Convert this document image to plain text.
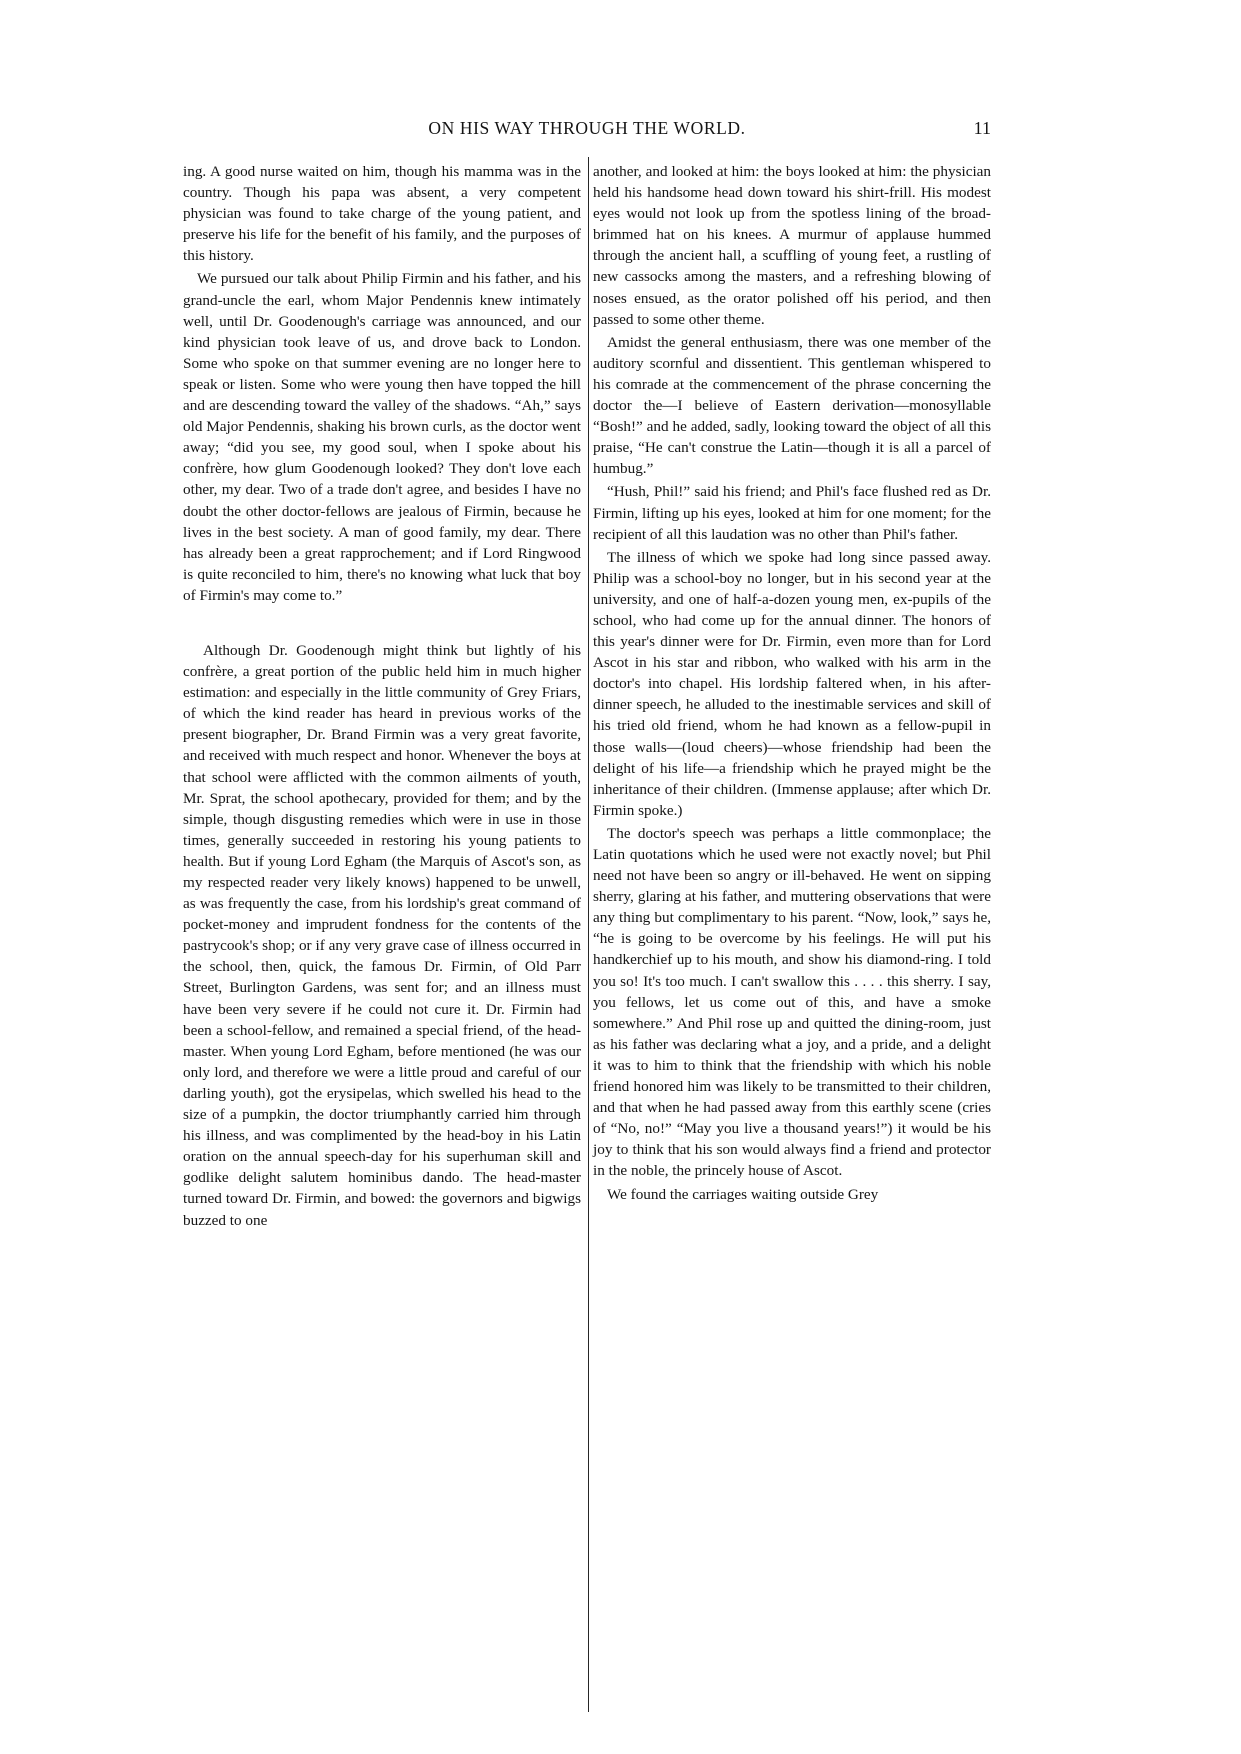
ON HIS WAY THROUGH THE WORLD.	11

ing. A good nurse waited on him, though his mamma was in the country. Though his papa was absent, a very competent physician was found to take charge of the young patient, and preserve his life for the benefit of his family, and the purposes of this history.

We pursued our talk about Philip Firmin and his father, and his grand-uncle the earl, whom Major Pendennis knew intimately well, until Dr. Goodenough's carriage was announced, and our kind physician took leave of us, and drove back to London. Some who spoke on that summer evening are no longer here to speak or listen. Some who were young then have topped the hill and are descending toward the valley of the shadows. “Ah,” says old Major Pendennis, shaking his brown curls, as the doctor went away; “did you see, my good soul, when I spoke about his confrère, how glum Goodenough looked? They don't love each other, my dear. Two of a trade don't agree, and besides I have no doubt the other doctor-fellows are jealous of Firmin, because he lives in the best society. A man of good family, my dear. There has already been a great rapprochement; and if Lord Ringwood is quite reconciled to him, there's no knowing what luck that boy of Firmin's may come to.”

Although Dr. Goodenough might think but lightly of his confrère, a great portion of the public held him in much higher estimation: and especially in the little community of Grey Friars, of which the kind reader has heard in previous works of the present biographer, Dr. Brand Firmin was a very great favorite, and received with much respect and honor. Whenever the boys at that school were afflicted with the common ailments of youth, Mr. Sprat, the school apothecary, provided for them; and by the simple, though disgusting remedies which were in use in those times, generally succeeded in restoring his young patients to health. But if young Lord Egham (the Marquis of Ascot's son, as my respected reader very likely knows) happened to be unwell, as was frequently the case, from his lordship's great command of pocket-money and imprudent fondness for the contents of the pastrycook's shop; or if any very grave case of illness occurred in the school, then, quick, the famous Dr. Firmin, of Old Parr Street, Burlington Gardens, was sent for; and an illness must have been very severe if he could not cure it. Dr. Firmin had been a school-fellow, and remained a special friend, of the head-master. When young Lord Egham, before mentioned (he was our only lord, and therefore we were a little proud and careful of our darling youth), got the erysipelas, which swelled his head to the size of a pumpkin, the doctor triumphantly carried him through his illness, and was complimented by the head-boy in his Latin oration on the annual speech-day for his superhuman skill and godlike delight salutem hominibus dando. The head-master turned toward Dr. Firmin, and bowed: the governors and bigwigs buzzed to one

another, and looked at him: the boys looked at him: the physician held his handsome head down toward his shirt-frill. His modest eyes would not look up from the spotless lining of the broad-brimmed hat on his knees. A murmur of applause hummed through the ancient hall, a scuffling of young feet, a rustling of new cassocks among the masters, and a refreshing blowing of noses ensued, as the orator polished off his period, and then passed to some other theme.

Amidst the general enthusiasm, there was one member of the auditory scornful and dissentient. This gentleman whispered to his comrade at the commencement of the phrase concerning the doctor the—I believe of Eastern derivation—monosyllable “Bosh!” and he added, sadly, looking toward the object of all this praise, “He can't construe the Latin—though it is all a parcel of humbug.”

“Hush, Phil!” said his friend; and Phil's face flushed red as Dr. Firmin, lifting up his eyes, looked at him for one moment; for the recipient of all this laudation was no other than Phil's father.

The illness of which we spoke had long since passed away. Philip was a school-boy no longer, but in his second year at the university, and one of half-a-dozen young men, ex-pupils of the school, who had come up for the annual dinner. The honors of this year's dinner were for Dr. Firmin, even more than for Lord Ascot in his star and ribbon, who walked with his arm in the doctor's into chapel. His lordship faltered when, in his after-dinner speech, he alluded to the inestimable services and skill of his tried old friend, whom he had known as a fellow-pupil in those walls—(loud cheers)—whose friendship had been the delight of his life—a friendship which he prayed might be the inheritance of their children. (Immense applause; after which Dr. Firmin spoke.)

The doctor's speech was perhaps a little commonplace; the Latin quotations which he used were not exactly novel; but Phil need not have been so angry or ill-behaved. He went on sipping sherry, glaring at his father, and muttering observations that were any thing but complimentary to his parent. “Now, look,” says he, “he is going to be overcome by his feelings. He will put his handkerchief up to his mouth, and show his diamond-ring. I told you so! It's too much. I can't swallow this . . . . this sherry. I say, you fellows, let us come out of this, and have a smoke somewhere.” And Phil rose up and quitted the dining-room, just as his father was declaring what a joy, and a pride, and a delight it was to him to think that the friendship with which his noble friend honored him was likely to be transmitted to their children, and that when he had passed away from this earthly scene (cries of “No, no!” “May you live a thousand years!”) it would be his joy to think that his son would always find a friend and protector in the noble, the princely house of Ascot.

We found the carriages waiting outside Grey
